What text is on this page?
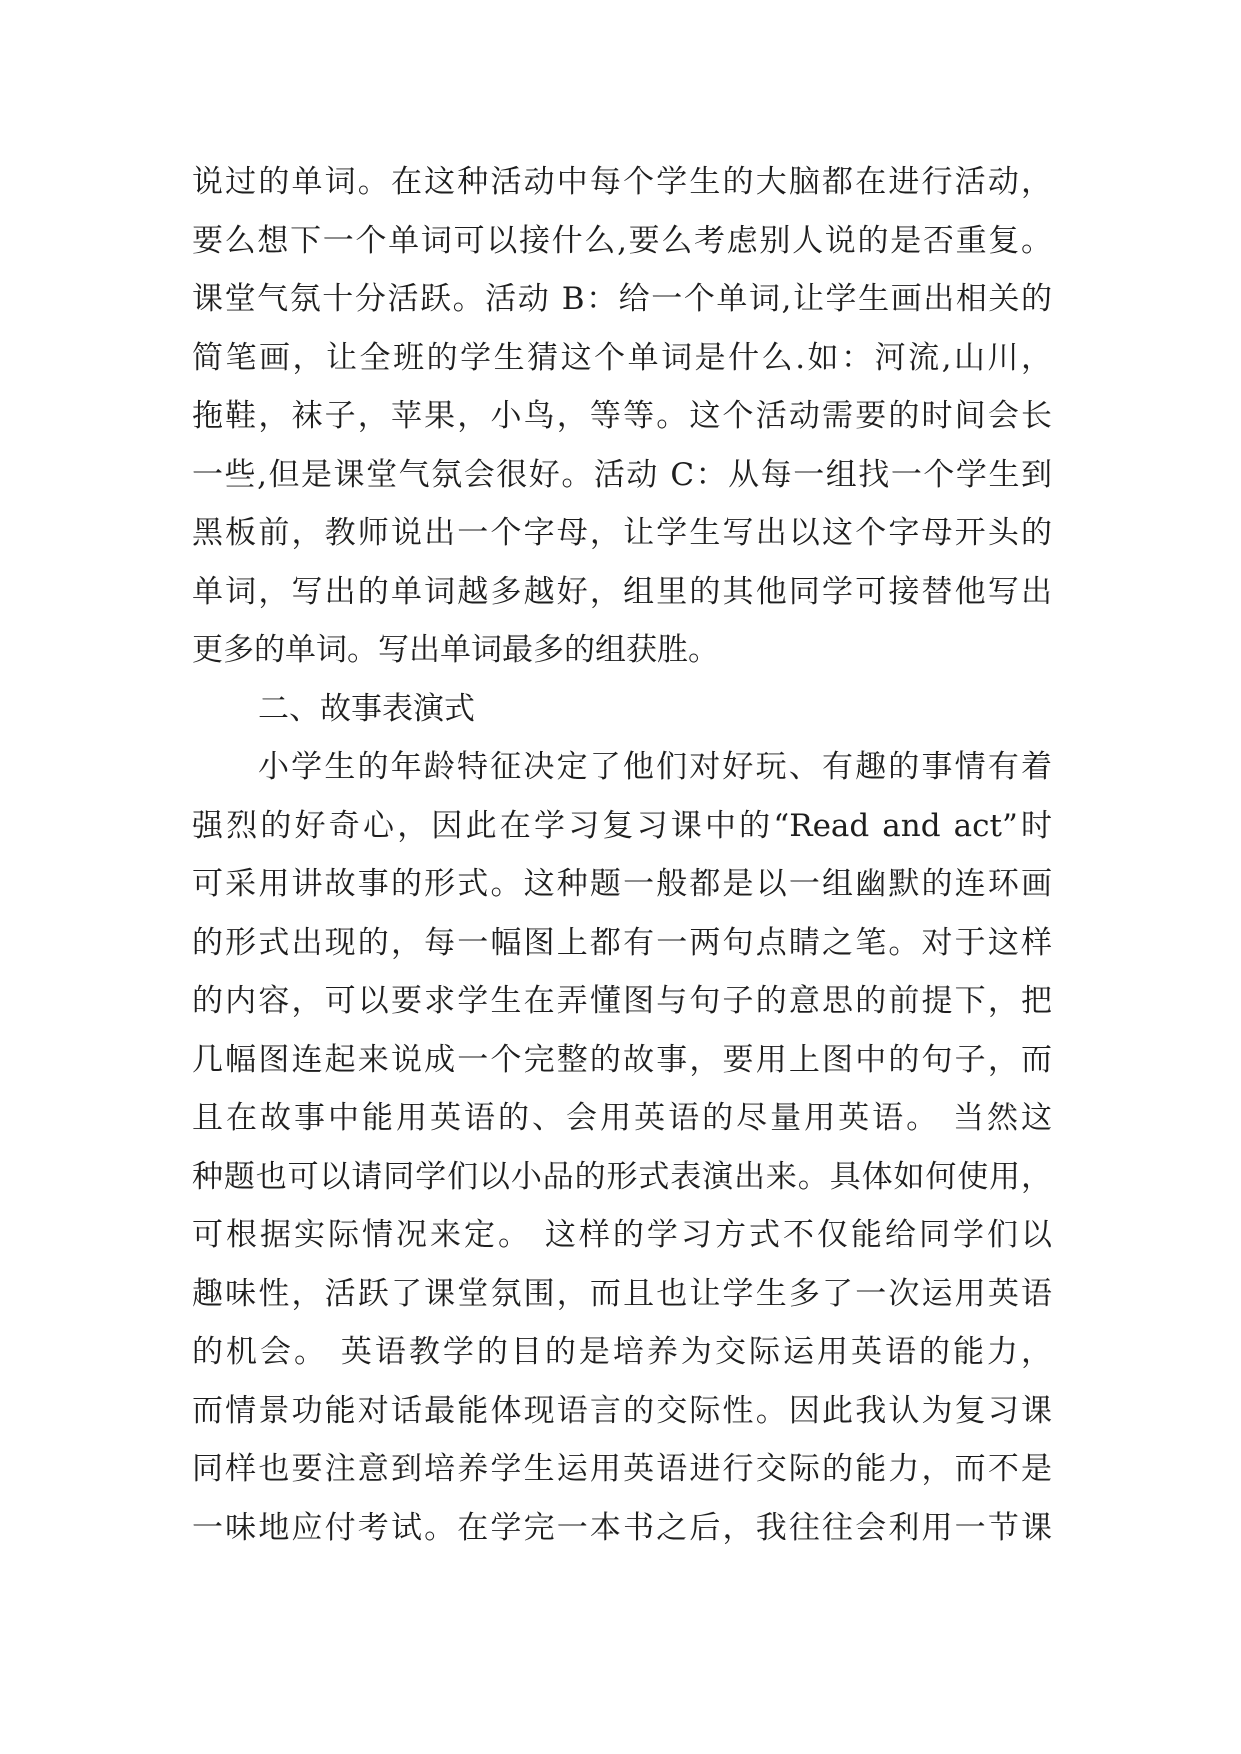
说过的单词。在这种活动中每个学生的大脑都在进行活动，
要么想下一个单词可以接什么,要么考虑别人说的是否重复。
课堂气氛十分活跃。活动 B：给一个单词,让学生画出相关的
简笔画，让全班的学生猜这个单词是什么.如：河流,山川，
拖鞋，袜子，苹果，小鸟，等等。这个活动需要的时间会长
一些,但是课堂气氛会很好。活动 C：从每一组找一个学生到
黑板前，教师说出一个字母，让学生写出以这个字母开头的
单词，写出的单词越多越好，组里的其他同学可接替他写出
更多的单词。写出单词最多的组获胜。
二、故事表演式
小学生的年龄特征决定了他们对好玩、有趣的事情有着
强烈的好奇心，因此在学习复习课中的“Read and act”时
可采用讲故事的形式。这种题一般都是以一组幽默的连环画
的形式出现的，每一幅图上都有一两句点睛之笔。对于这样
的内容，可以要求学生在弄懂图与句子的意思的前提下，把
几幅图连起来说成一个完整的故事，要用上图中的句子，而
且在故事中能用英语的、会用英语的尽量用英语。 当然这
种题也可以请同学们以小品的形式表演出来。具体如何使用，
可根据实际情况来定。 这样的学习方式不仅能给同学们以
趣味性，活跃了课堂氛围，而且也让学生多了一次运用英语
的机会。 英语教学的目的是培养为交际运用英语的能力，
而情景功能对话最能体现语言的交际性。因此我认为复习课
同样也要注意到培养学生运用英语进行交际的能力，而不是
一味地应付考试。在学完一本书之后，我往往会利用一节课
